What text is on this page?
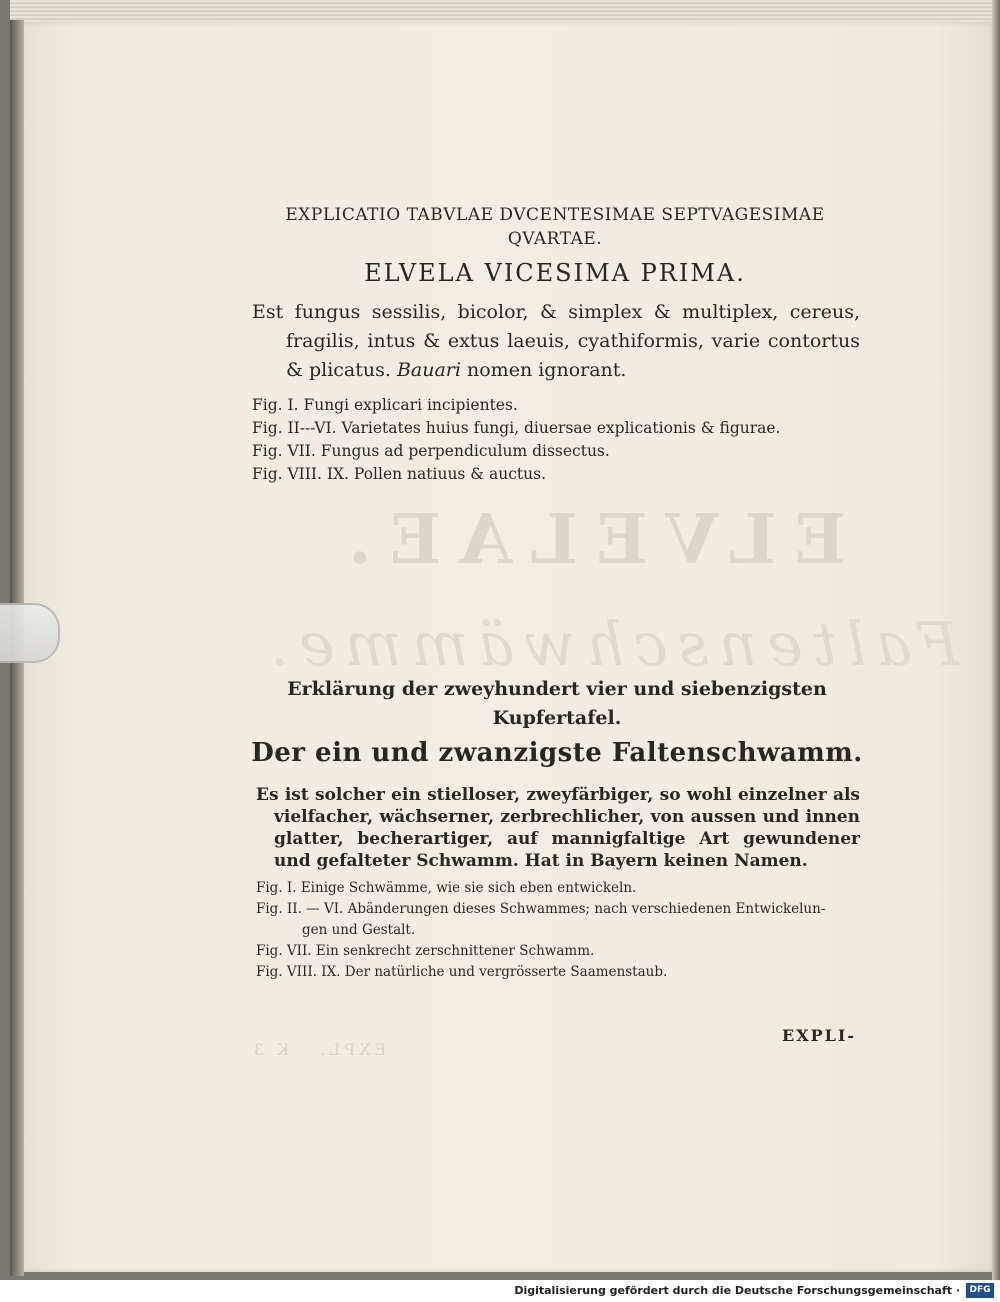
ELVELAE.
Faltenschwämme.
EXPL.   K 3
EXPLICATIO TABVLAE DVCENTESIMAE SEPTVAGESIMAE
QVARTAE.
ELVELA VICESIMA PRIMA.
Est fungus sessilis, bicolor, & simplex & multiplex, cereus, fragilis, intus & extus laeuis, cyathiformis, varie contortus & plicatus. Bauari nomen ignorant.
Fig. I. Fungi explicari incipientes.
Fig. II---VI. Varietates huius fungi, diuersae explicationis & figurae.
Fig. VII. Fungus ad perpendiculum dissectus.
Fig. VIII. IX. Pollen natiuus & auctus.
Erklärung der zweyhundert vier und siebenzigsten
Kupfertafel.
Der ein und zwanzigste Faltenschwamm.
Es ist solcher ein stielloser, zweyfärbiger, so wohl einzelner als vielfacher, wächserner, zerbrechlicher, von aussen und innen glatter, becherartiger, auf mannigfaltige Art gewundener und gefalteter Schwamm. Hat in Bayern keinen Namen.
Fig. I. Einige Schwämme, wie sie sich eben entwickeln.
Fig. II. — VI. Abänderungen dieses Schwammes; nach verschiedenen Entwickelun-
gen und Gestalt.
Fig. VII. Ein senkrecht zerschnittener Schwamm.
Fig. VIII. IX. Der natürliche und vergrösserte Saamenstaub.
EXPLI-
Digitalisierung gefördert durch die Deutsche Forschungsgemeinschaft ·	DFG
